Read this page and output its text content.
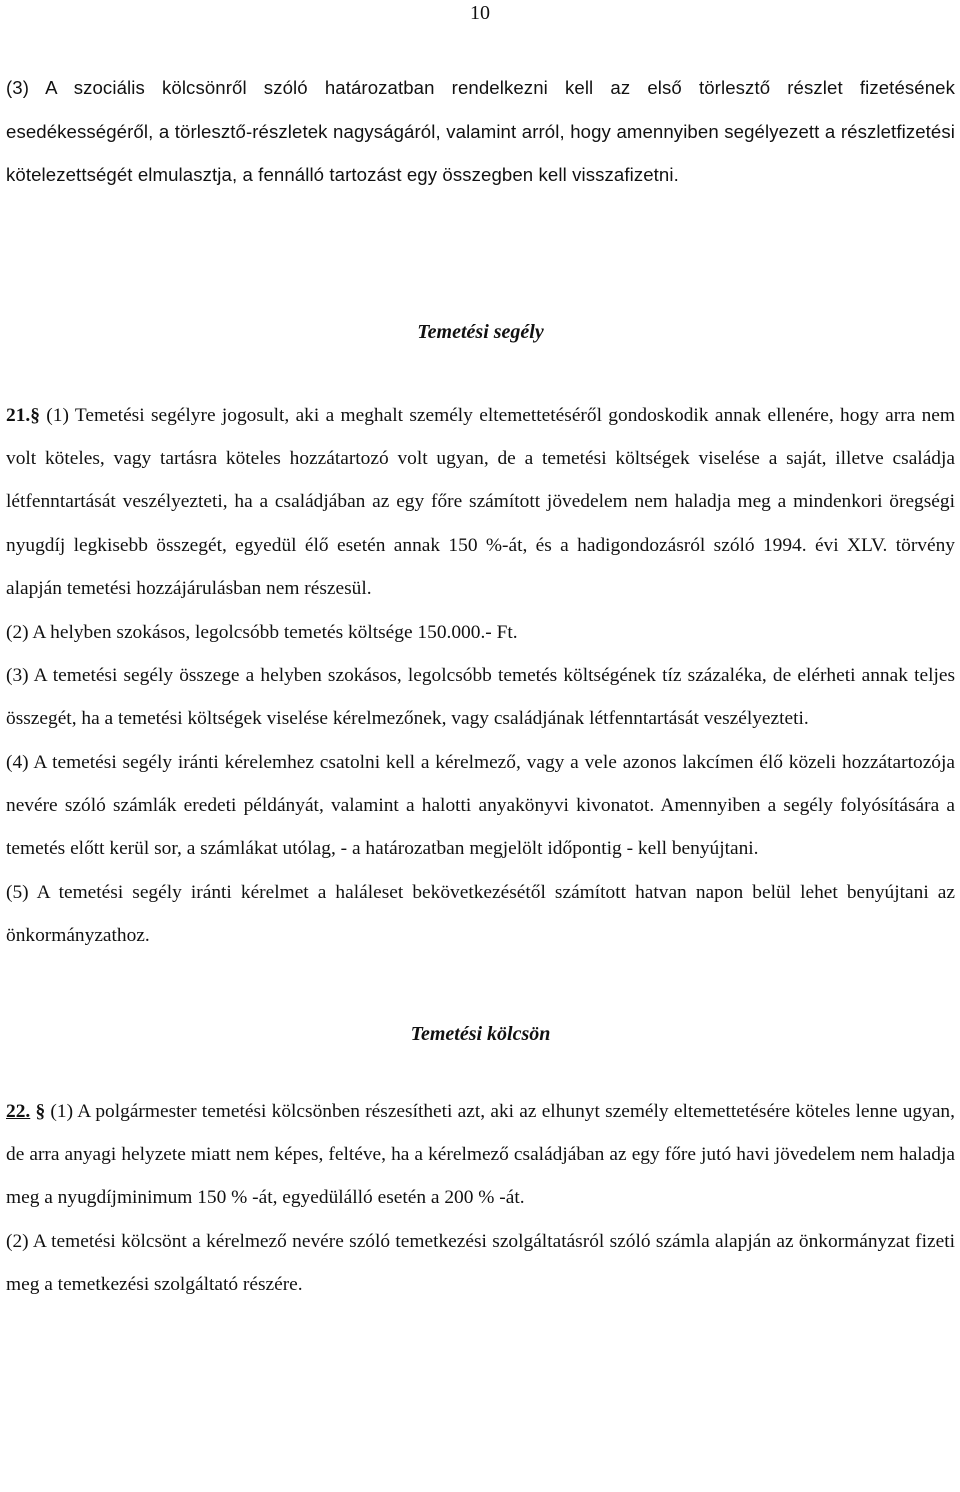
10

(3) A szociális kölcsönről szóló határozatban rendelkezni kell az első törlesztő részlet fizetésének esedékességéről, a törlesztő-részletek nagyságáról, valamint arról, hogy amennyiben segélyezett a részletfizetési kötelezettségét elmulasztja, a fennálló tartozást egy összegben kell visszafizetni.

Temetési segély

21.§ (1) Temetési segélyre jogosult, aki a meghalt személy eltemettetéséről gondoskodik annak ellenére, hogy arra nem volt köteles, vagy tartásra köteles hozzátartozó volt ugyan, de a temetési költségek viselése a saját, illetve családja létfenntartását veszélyezteti, ha a családjában az egy főre számított jövedelem nem haladja meg a mindenkori öregségi nyugdíj legkisebb összegét, egyedül élő esetén annak 150 %-át, és a hadigondozásról szóló 1994. évi XLV. törvény alapján temetési hozzájárulásban nem részesül.

(2) A helyben szokásos, legolcsóbb temetés költsége 150.000.- Ft.

(3) A temetési segély összege a helyben szokásos, legolcsóbb temetés költségének tíz százaléka, de elérheti annak teljes összegét, ha a temetési költségek viselése kérelmezőnek, vagy családjának létfenntartását veszélyezteti.

(4) A temetési segély iránti kérelemhez csatolni kell a kérelmező, vagy a vele azonos lakcímen élő közeli hozzátartozója nevére szóló számlák eredeti példányát, valamint a halotti anyakönyvi kivonatot. Amennyiben a segély folyósítására a temetés előtt kerül sor, a számlákat utólag, - a határozatban megjelölt időpontig - kell benyújtani.

(5) A temetési segély iránti kérelmet a haláleset bekövetkezésétől számított hatvan napon belül lehet benyújtani az önkormányzathoz.

Temetési kölcsön

22. § (1) A polgármester temetési kölcsönben részesítheti azt, aki az elhunyt személy eltemettetésére köteles lenne ugyan, de arra anyagi helyzete miatt nem képes, feltéve, ha a kérelmező családjában az egy főre jutó havi jövedelem nem haladja meg a nyugdíjminimum 150 % -át, egyedülálló esetén a 200 % -át.

(2) A temetési kölcsönt a kérelmező nevére szóló temetkezési szolgáltatásról szóló számla alapján az önkormányzat fizeti meg a temetkezési szolgáltató részére.
